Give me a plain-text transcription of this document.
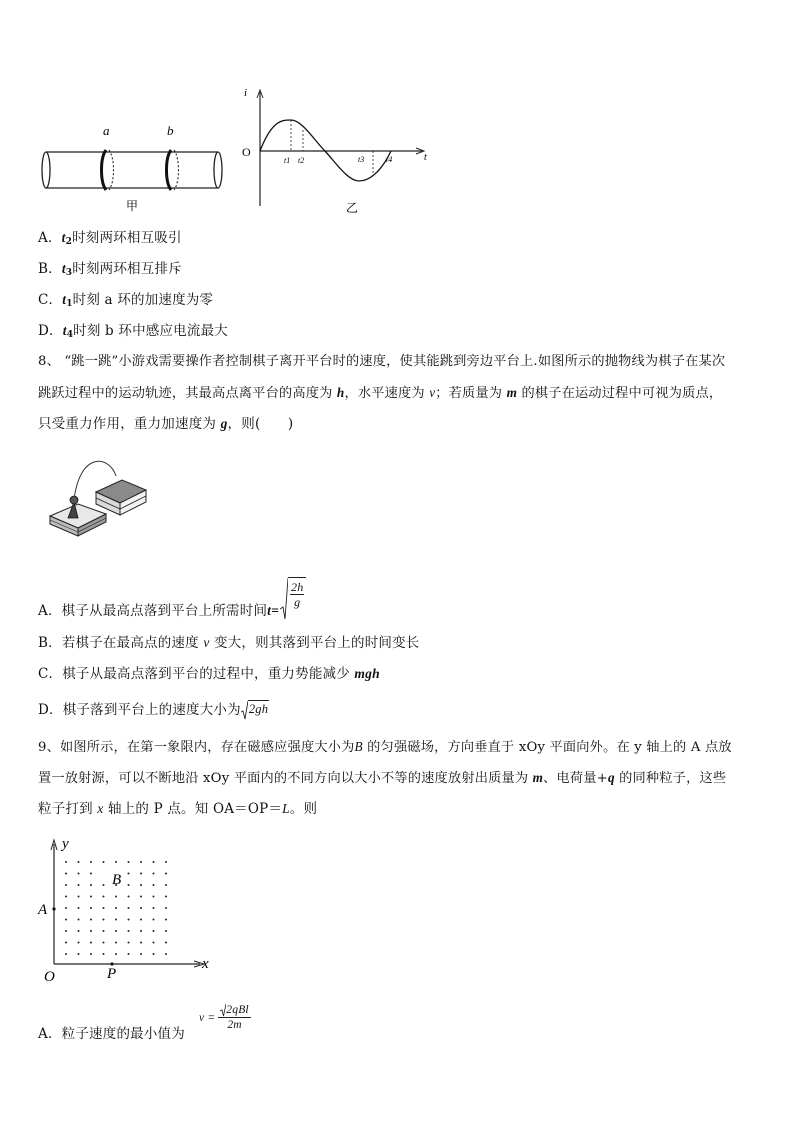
a	b
甲
i
O	t
t1 t2	t3	t4
乙
A．$t_2$时刻两环相互吸引
B．$t_3$时刻两环相互排斥
C．$t_1$时刻 a 环的加速度为零
D．$t_4$时刻 b 环中感应电流最大
8、 “跳一跳”小游戏需要操作者控制棋子离开平台时的速度，使其能跳到旁边平台上.如图所示的抛物线为棋子在某次
跳跃过程中的运动轨迹，其最高点离平台的高度为 h，水平速度为 v；若质量为 m 的棋子在运动过程中可视为质点，
只受重力作用，重力加速度为 g，则(　　)
A．棋子从最高点落到平台上所需时间 t=
2h
g
B．若棋子在最高点的速度 v 变大，则其落到平台上的时间变长
C．棋子从最高点落到平台的过程中，重力势能减少 mgh
D．棋子落到平台上的速度大小为 2gh
9、如图所示，在第一象限内，存在磁感应强度大小为B 的匀强磁场，方向垂直于 xOy 平面向外。在 y 轴上的 A 点放
置一放射源，可以不断地沿 xOy 平面内的不同方向以大小不等的速度放射出质量为 m、电荷量+q 的同种粒子，这些
粒子打到 x 轴上的 P 点。知 OA＝OP＝L。则
y
x
A
B
O	P
A．粒子速度的最小值为
v =
2qBl
2m
